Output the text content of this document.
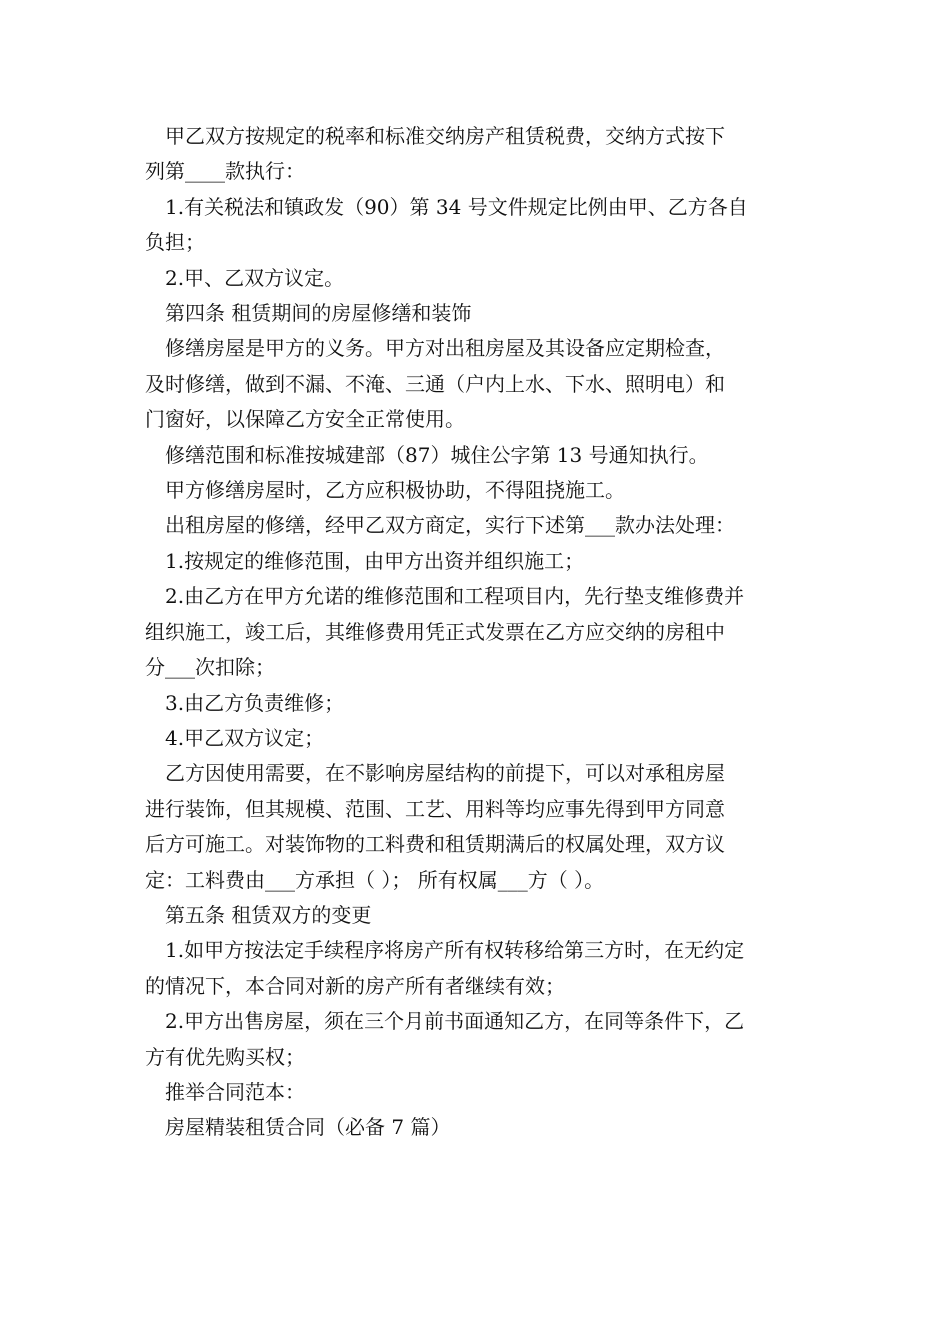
甲乙双方按规定的税率和标准交纳房产租赁税费，交纳方式按下

列第____款执行：

1.有关税法和镇政发（90）第 34 号文件规定比例由甲、乙方各自

负担；

2.甲、乙双方议定。

第四条 租赁期间的房屋修缮和装饰

修缮房屋是甲方的义务。甲方对出租房屋及其设备应定期检查，

及时修缮，做到不漏、不淹、三通（户内上水、下水、照明电）和

门窗好，以保障乙方安全正常使用。

修缮范围和标准按城建部（87）城住公字第 13 号通知执行。

甲方修缮房屋时，乙方应积极协助，不得阻挠施工。

出租房屋的修缮，经甲乙双方商定，实行下述第___款办法处理：

1.按规定的维修范围，由甲方出资并组织施工；

2.由乙方在甲方允诺的维修范围和工程项目内，先行垫支维修费并

组织施工，竣工后，其维修费用凭正式发票在乙方应交纳的房租中

分___次扣除；

3.由乙方负责维修；

4.甲乙双方议定；

乙方因使用需要，在不影响房屋结构的前提下，可以对承租房屋

进行装饰，但其规模、范围、工艺、用料等均应事先得到甲方同意

后方可施工。对装饰物的工料费和租赁期满后的权属处理，双方议

定：工料费由___方承担（ ）； 所有权属___方（ ）。

第五条 租赁双方的变更

1.如甲方按法定手续程序将房产所有权转移给第三方时，在无约定

的情况下，本合同对新的房产所有者继续有效；

2.甲方出售房屋，须在三个月前书面通知乙方，在同等条件下，乙

方有优先购买权；

推举合同范本：

房屋精装租赁合同（必备 7 篇）
